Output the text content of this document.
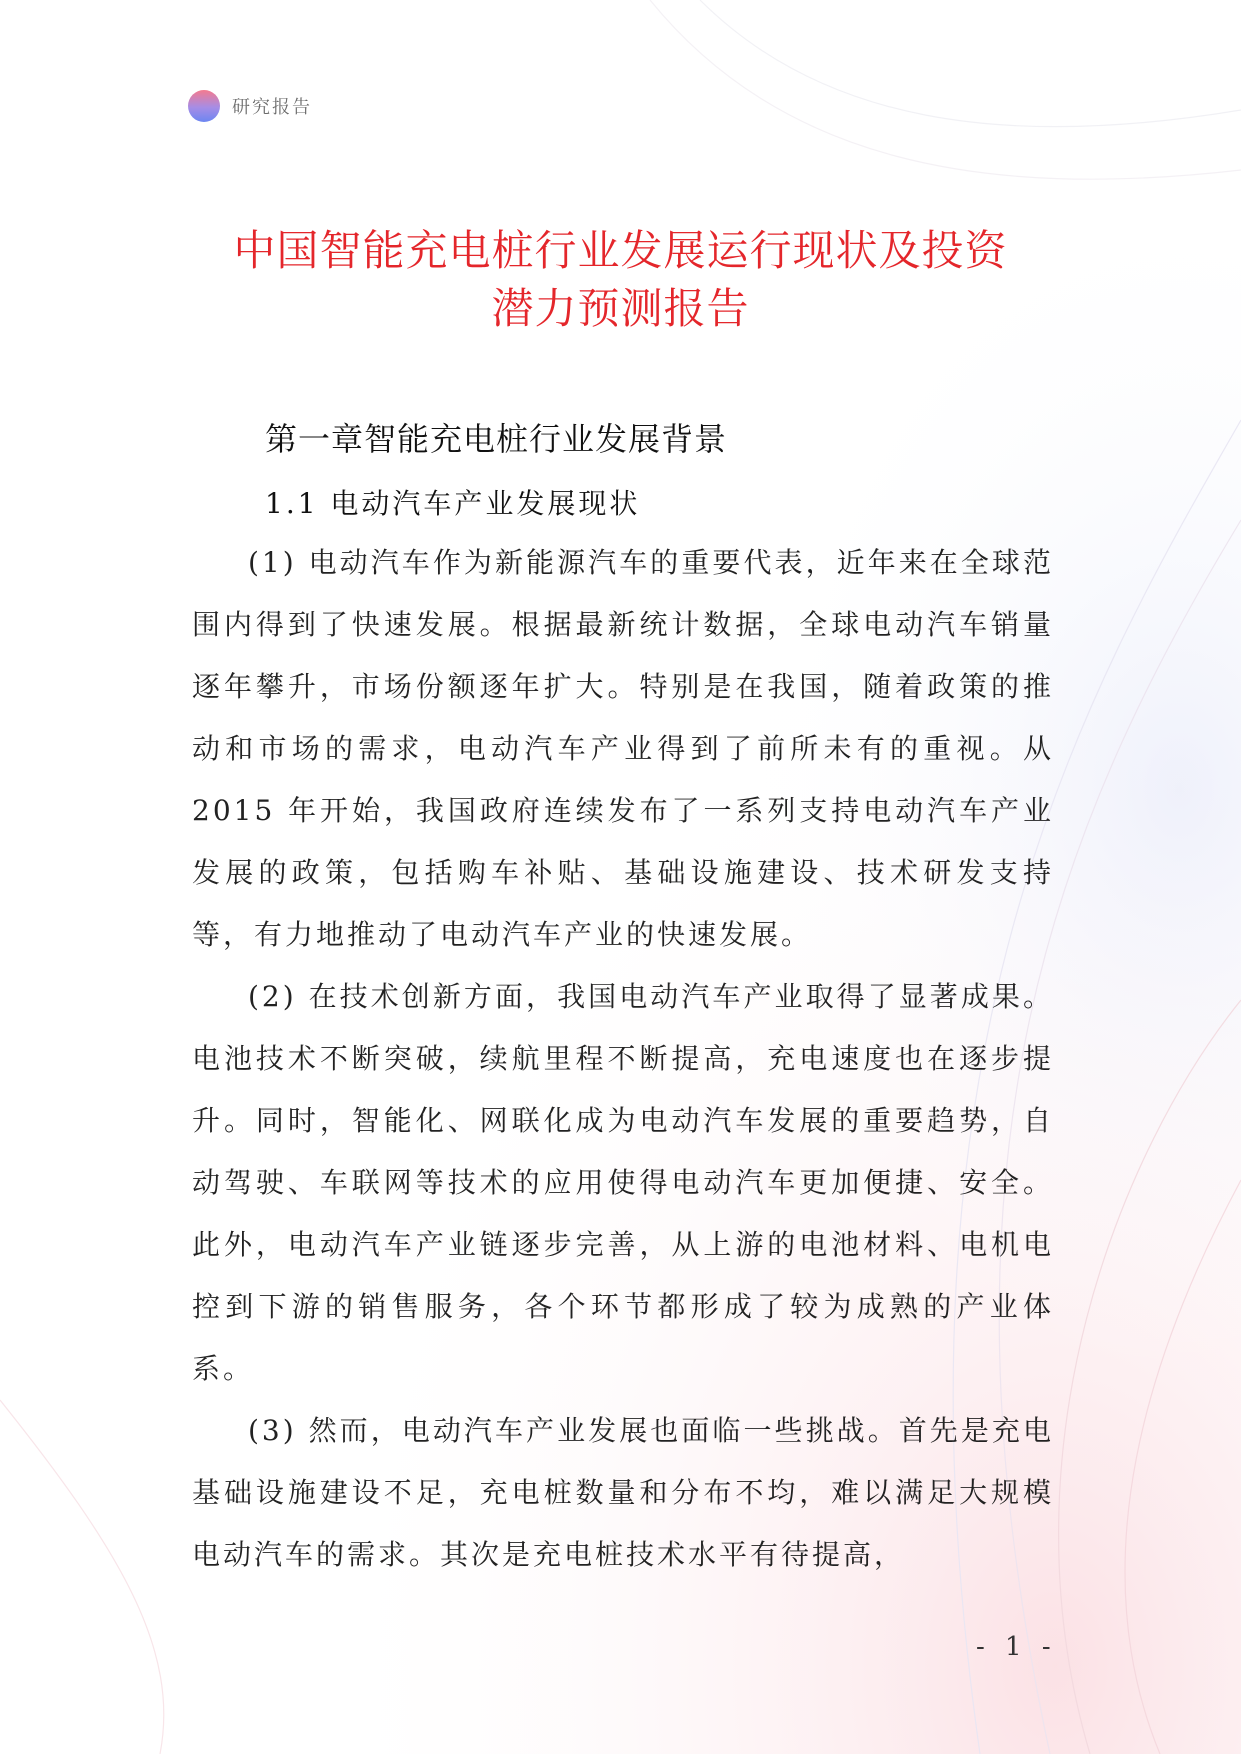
研究报告
中国智能充电桩行业发展运行现状及投资
潜力预测报告
第一章智能充电桩行业发展背景
1.1 电动汽车产业发展现状

(1) 电动汽车作为新能源汽车的重要代表，近年来在全球范围内得到了快速发展。根据最新统计数据，全球电动汽车销量逐年攀升，市场份额逐年扩大。特别是在我国，随着政策的推动和市场的需求，电动汽车产业得到了前所未有的重视。从 2015 年开始，我国政府连续发布了一系列支持电动汽车产业发展的政策，包括购车补贴、基础设施建设、技术研发支持等，有力地推动了电动汽车产业的快速发展。

(2) 在技术创新方面，我国电动汽车产业取得了显著成果。电池技术不断突破，续航里程不断提高，充电速度也在逐步提升。同时，智能化、网联化成为电动汽车发展的重要趋势，自动驾驶、车联网等技术的应用使得电动汽车更加便捷、安全。此外，电动汽车产业链逐步完善，从上游的电池材料、电机电控到下游的销售服务，各个环节都形成了较为成熟的产业体系。

(3) 然而，电动汽车产业发展也面临一些挑战。首先是充电基础设施建设不足，充电桩数量和分布不均，难以满足大规模电动汽车的需求。其次是充电桩技术水平有待提高，

- 1 -
